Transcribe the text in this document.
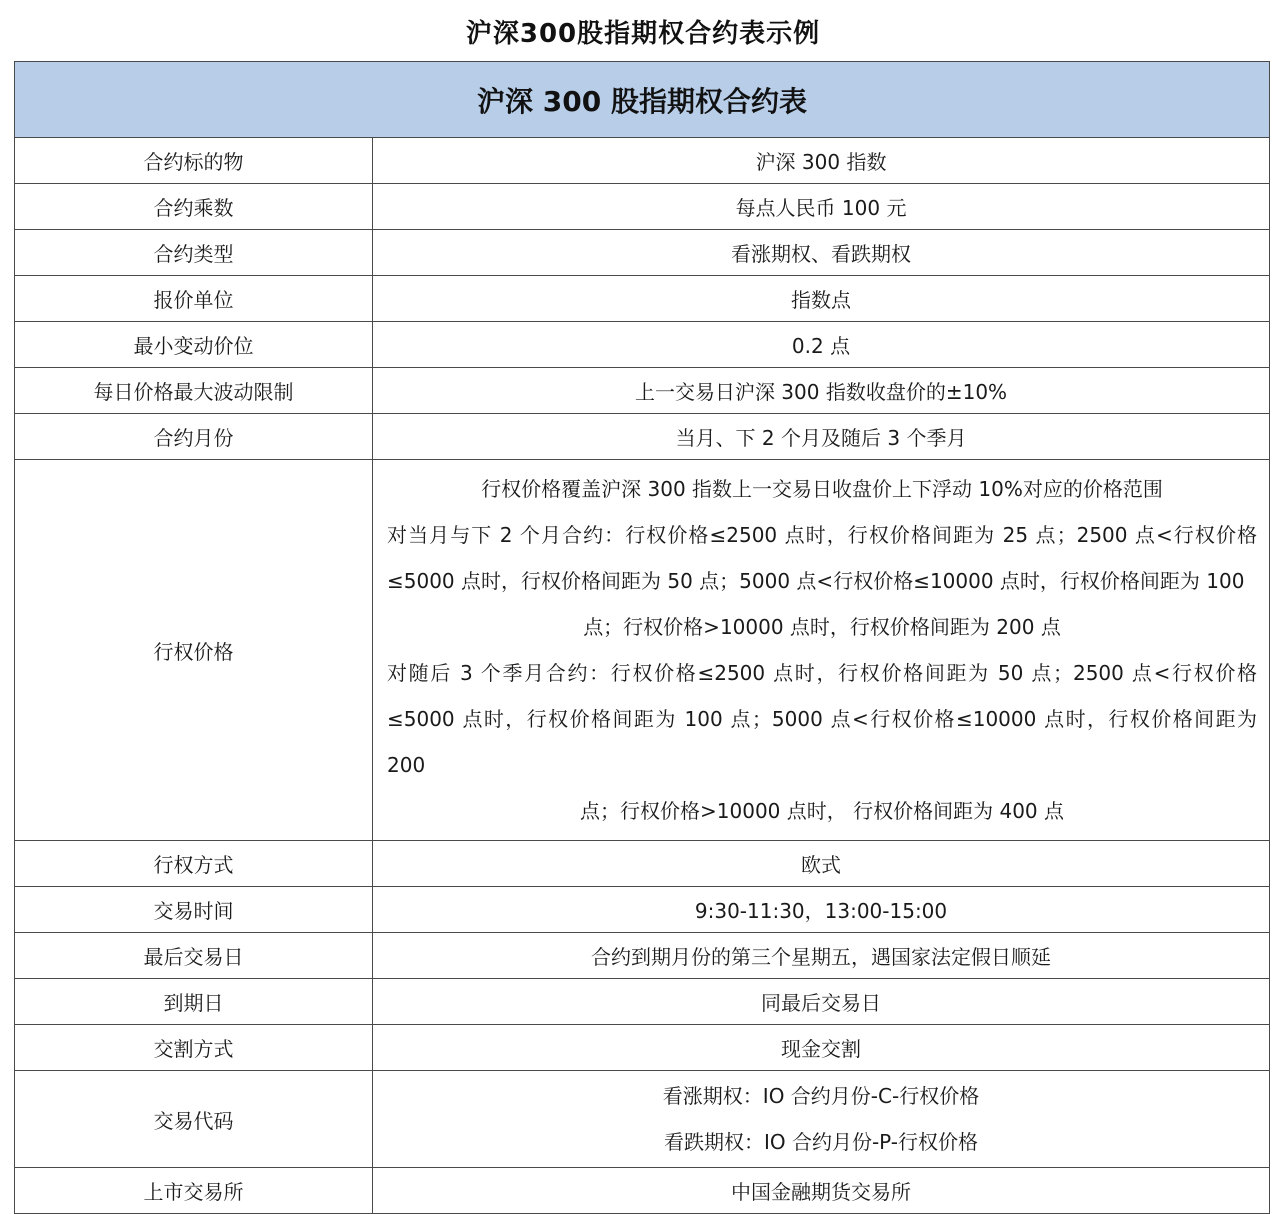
沪深300股指期权合约表示例
沪深 300 股指期权合约表	
合约标的物	沪深 300 指数
合约乘数	每点人民币 100 元
合约类型	看涨期权、看跌期权
报价单位	指数点
最小变动价位	0.2 点
每日价格最大波动限制	上一交易日沪深 300 指数收盘价的±10%
合约月份	当月、下 2 个月及随后 3 个季月
行权价格	行权价格覆盖沪深 300 指数上一交易日收盘价上下浮动 10%对应的价格范围
对当月与下 2 个月合约：行权价格≤2500 点时，行权价格间距为 25 点；2500 点<行权价格≤5000 点时，行权价格间距为 50 点；5000 点<行权价格≤10000 点时，行权价格间距为 100
点；行权价格>10000 点时，行权价格间距为 200 点
对随后 3 个季月合约：行权价格≤2500 点时，行权价格间距为 50 点；2500 点<行权价格≤5000 点时，行权价格间距为 100 点；5000 点<行权价格≤10000 点时，行权价格间距为 200
点；行权价格>10000 点时， 行权价格间距为 400 点

行权方式	欧式
交易时间	9:30-11:30，13:00-15:00
最后交易日	合约到期月份的第三个星期五，遇国家法定假日顺延
到期日	同最后交易日
交割方式	现金交割
交易代码	看涨期权：IO 合约月份-C-行权价格
看跌期权：IO 合约月份-P-行权价格

上市交易所	中国金融期货交易所
